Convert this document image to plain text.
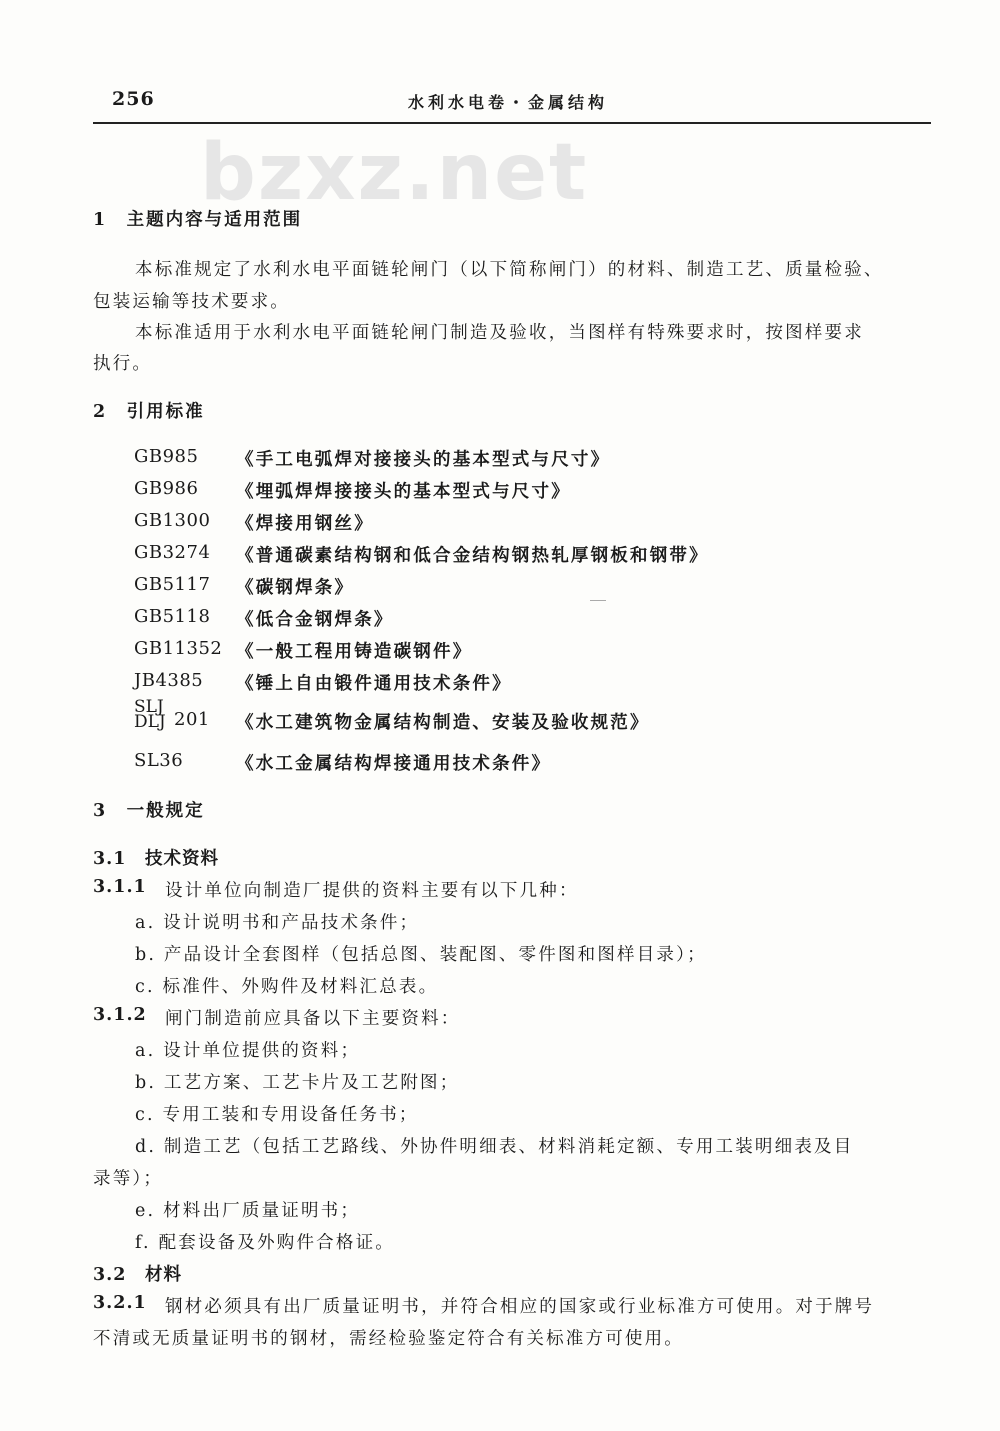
256	水利水电卷・金属结构
bzxz.net
1　主题内容与适用范围
本标准规定了水利水电平面链轮闸门（以下简称闸门）的材料、制造工艺、质量检验、
包装运输等技术要求。
本标准适用于水利水电平面链轮闸门制造及验收，当图样有特殊要求时，按图样要求
执行。
2　引用标准
GB985 《手工电弧焊对接接头的基本型式与尺寸》
GB986 《埋弧焊焊接接头的基本型式与尺寸》
GB1300 《焊接用钢丝》
GB3274 《普通碳素结构钢和低合金结构钢热轧厚钢板和钢带》
GB5117 《碳钢焊条》
GB5118 《低合金钢焊条》
GB11352 《一般工程用铸造碳钢件》
JB4385 《锤上自由锻件通用技术条件》
SLJ
DLJ 201 《水工建筑物金属结构制造、安装及验收规范》
SL36	《水工金属结构焊接通用技术条件》
3　一般规定
3.1　技术资料
3.1.1 设计单位向制造厂提供的资料主要有以下几种：
a. 设计说明书和产品技术条件；
b. 产品设计全套图样（包括总图、装配图、零件图和图样目录）；
c. 标准件、外购件及材料汇总表。
3.1.2 闸门制造前应具备以下主要资料：
a. 设计单位提供的资料；
b. 工艺方案、工艺卡片及工艺附图；
c. 专用工装和专用设备任务书；
d. 制造工艺（包括工艺路线、外协件明细表、材料消耗定额、专用工装明细表及目
录等）；
e. 材料出厂质量证明书；
f. 配套设备及外购件合格证。
3.2　材料
3.2.1 钢材必须具有出厂质量证明书，并符合相应的国家或行业标准方可使用。对于牌号
不清或无质量证明书的钢材，需经检验鉴定符合有关标准方可使用。
